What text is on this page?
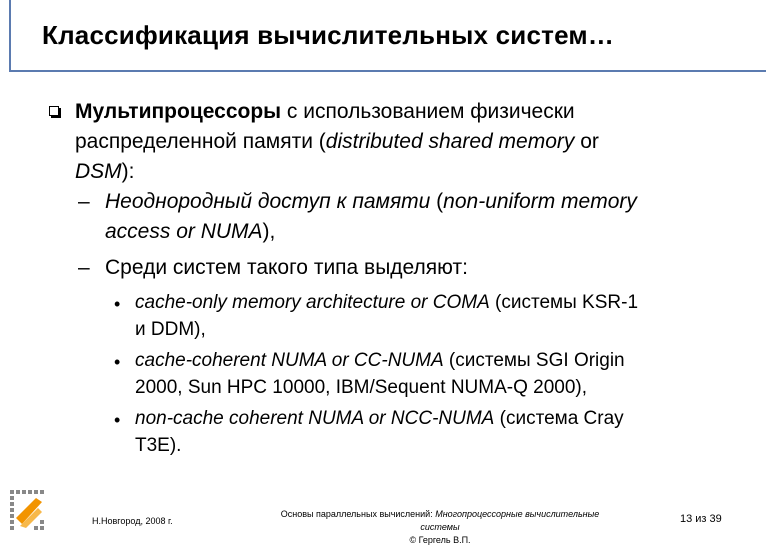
Классификация вычислительных систем…
Мультипроцессоры с использованием физически
распределенной памяти (distributed shared memory or
DSM):
– Неоднородный доступ к памяти (non-uniform memory
access or NUMA),
– Среди систем такого типа выделяют:
• cache-only memory architecture or COMA (системы KSR-1
и DDM),
• cache-coherent NUMA or CC-NUMA (системы SGI Origin
2000, Sun HPC 10000, IBM/Sequent NUMA-Q 2000),
• non-cache coherent NUMA or NCC-NUMA (система Cray
T3E).
Н.Новгород, 2008 г.
Основы параллельных вычислений: Многопроцессорные вычислительные
системы
© Гергель В.П.
13 из 39
